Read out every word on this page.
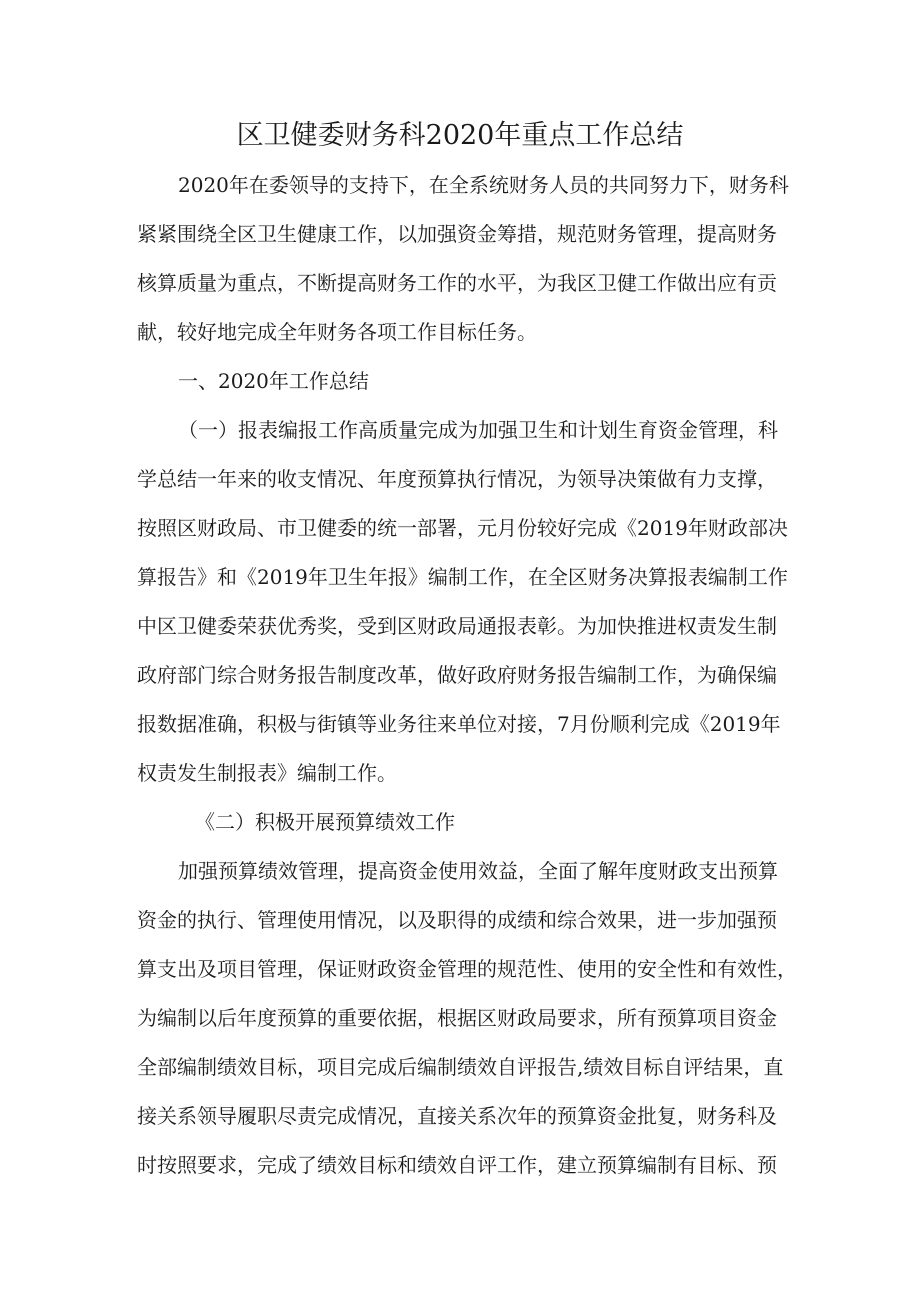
区卫健委财务科2020年重点工作总结
2020年在委领导的支持下，在全系统财务人员的共同努力下，财务科
紧紧围绕全区卫生健康工作，以加强资金筹措，规范财务管理，提高财务
核算质量为重点，不断提高财务工作的水平，为我区卫健工作做出应有贡
献，较好地完成全年财务各项工作目标任务。
一、2020年工作总结
（一）报表编报工作高质量完成为加强卫生和计划生育资金管理，科
学总结一年来的收支情况、年度预算执行情况，为领导决策做有力支撑，
按照区财政局、市卫健委的统一部署，元月份较好完成《2019年财政部决
算报告》和《2019年卫生年报》编制工作，在全区财务决算报表编制工作
中区卫健委荣获优秀奖，受到区财政局通报表彰。为加快推进权责发生制
政府部门综合财务报告制度改革，做好政府财务报告编制工作，为确保编
报数据准确，积极与街镇等业务往来单位对接，7月份顺利完成《2019年
权责发生制报表》编制工作。
《二）积极开展预算绩效工作
加强预算绩效管理，提高资金使用效益，全面了解年度财政支出预算
资金的执行、管理使用情况，以及职得的成绩和综合效果，进一步加强预
算支出及项目管理，保证财政资金管理的规范性、使用的安全性和有效性，
为编制以后年度预算的重要依据，根据区财政局要求，所有预算项目资金
全部编制绩效目标，项目完成后编制绩效自评报告,绩效目标自评结果，直
接关系领导履职尽责完成情况，直接关系次年的预算资金批复，财务科及
时按照要求，完成了绩效目标和绩效自评工作，建立预算编制有目标、预
